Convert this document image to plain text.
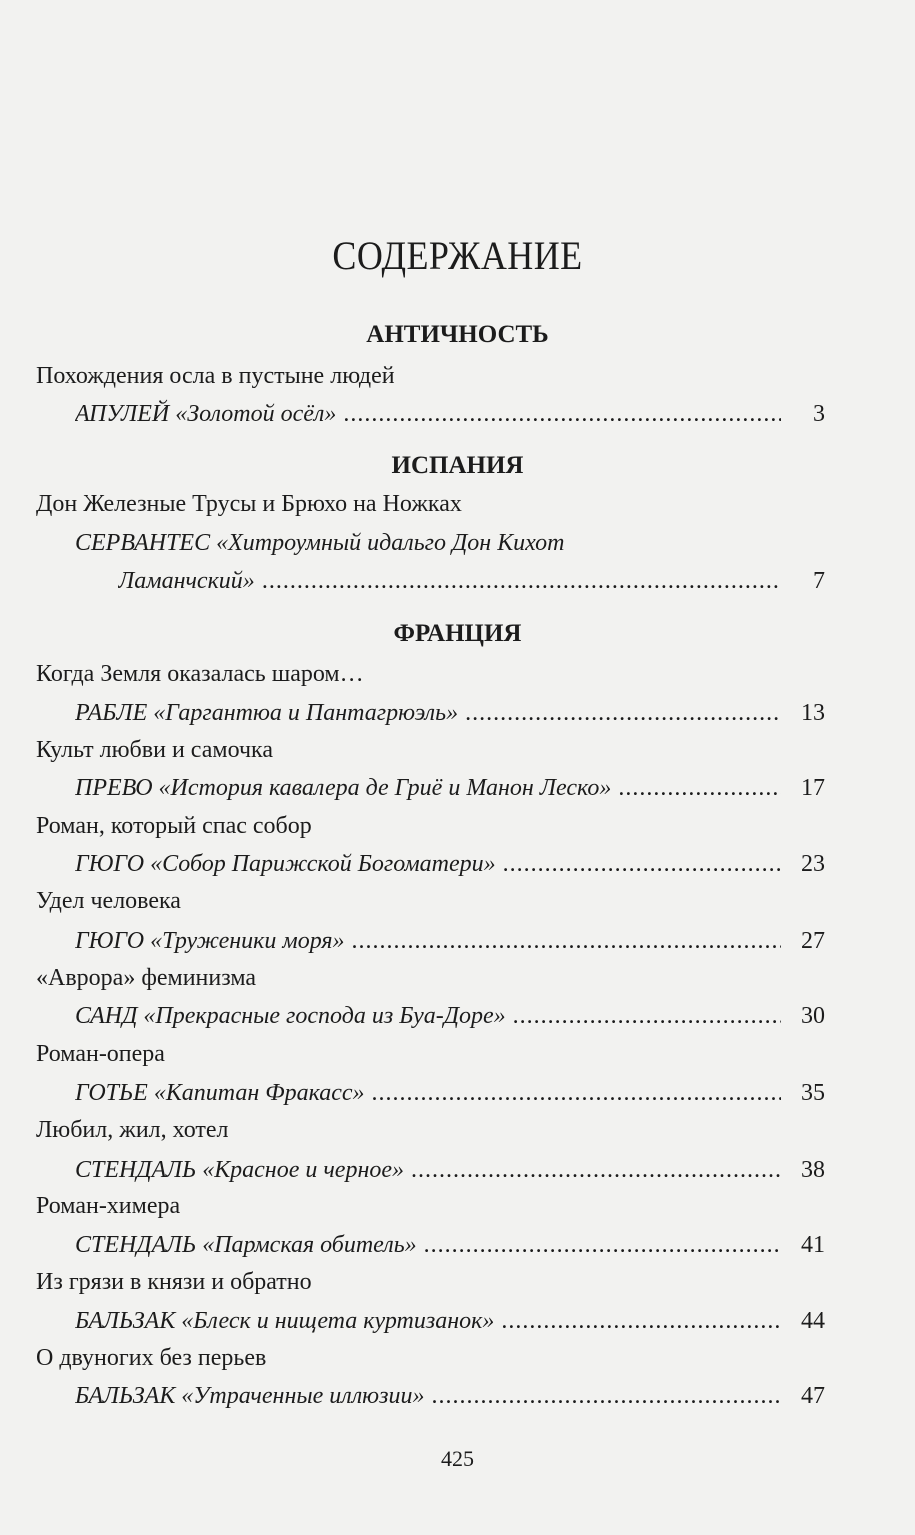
СОДЕРЖАНИЕ
АНТИЧНОСТЬ
Похождения осла в пустыне людей
АПУЛЕЙ «Золотой осёл» .....	3
ИСПАНИЯ
Дон Железные Трусы и Брюхо на Ножках
СЕРВАНТЕС «Хитроумный идальго Дон Кихот
Ламанчский» .....	7
ФРАНЦИЯ
Когда Земля оказалась шаром…
РАБЛЕ «Гаргантюа и Пантагрюэль» .....	13
Культ любви и самочка
ПРЕВО «История кавалера де Гриё и Манон Леско» .....	17
Роман, который спас собор
ГЮГО «Собор Парижской Богоматери» .....	23
Удел человека
ГЮГО «Труженики моря» .....	27
«Аврора» феминизма
САНД «Прекрасные господа из Буа-Доре» .....	30
Роман-опера
ГОТЬЕ «Капитан Фракасс» .....	35
Любил, жил, хотел
СТЕНДАЛЬ «Красное и черное» .....	38
Роман-химера
СТЕНДАЛЬ «Пармская обитель» .....	41
Из грязи в князи и обратно
БАЛЬЗАК «Блеск и нищета куртизанок» .....	44
О двуногих без перьев
БАЛЬЗАК «Утраченные иллюзии» .....	47
425
